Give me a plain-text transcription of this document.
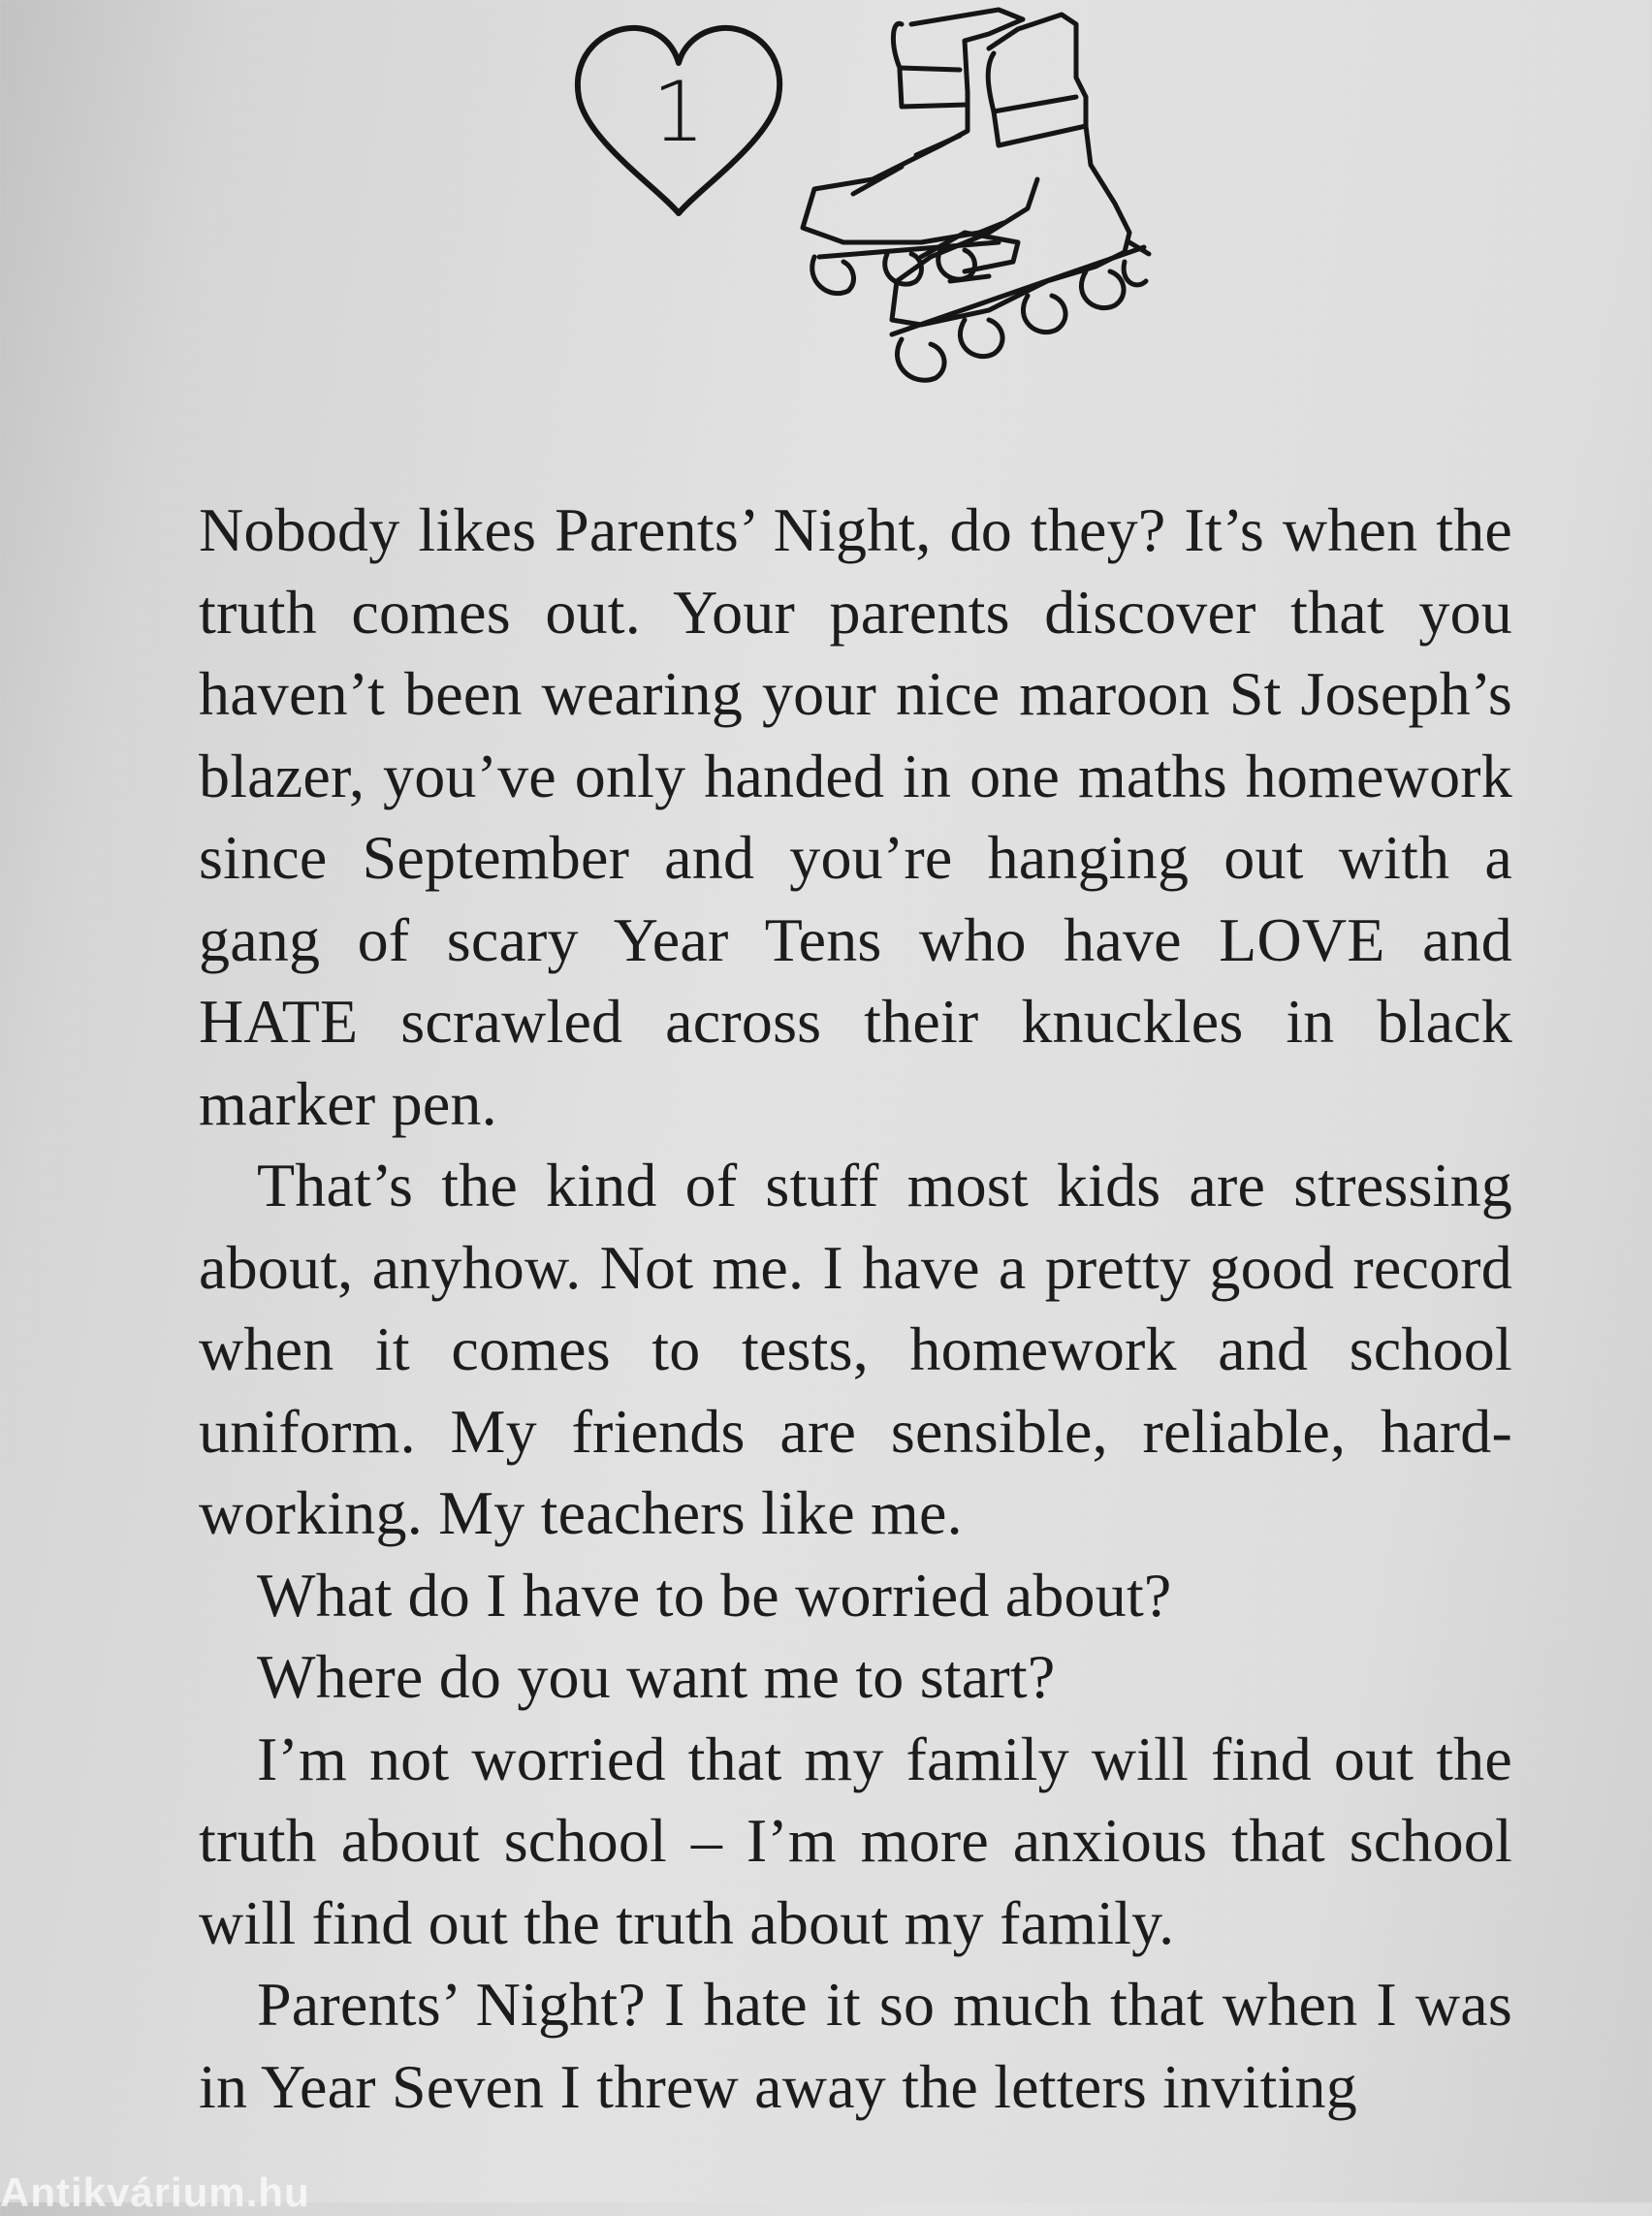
1

Nobody likes Parents’ Night, do they? It’s when the truth comes out. Your parents discover that you haven’t been wearing your nice maroon St Joseph’s blazer, you’ve only handed in one maths homework since September and you’re hanging out with a gang of scary Year Tens who have LOVE and HATE scrawled across their knuckles in black marker pen.

That’s the kind of stuff most kids are stressing about, anyhow. Not me. I have a pretty good record when it comes to tests, homework and school uniform. My friends are sensible, reliable, hard-working. My teachers like me.

What do I have to be worried about?

Where do you want me to start?

I’m not worried that my family will find out the truth about school – I’m more anxious that school will find out the truth about my family.

Parents’ Night? I hate it so much that when I was in Year Seven I threw away the letters inviting

Antikvárium.hu
